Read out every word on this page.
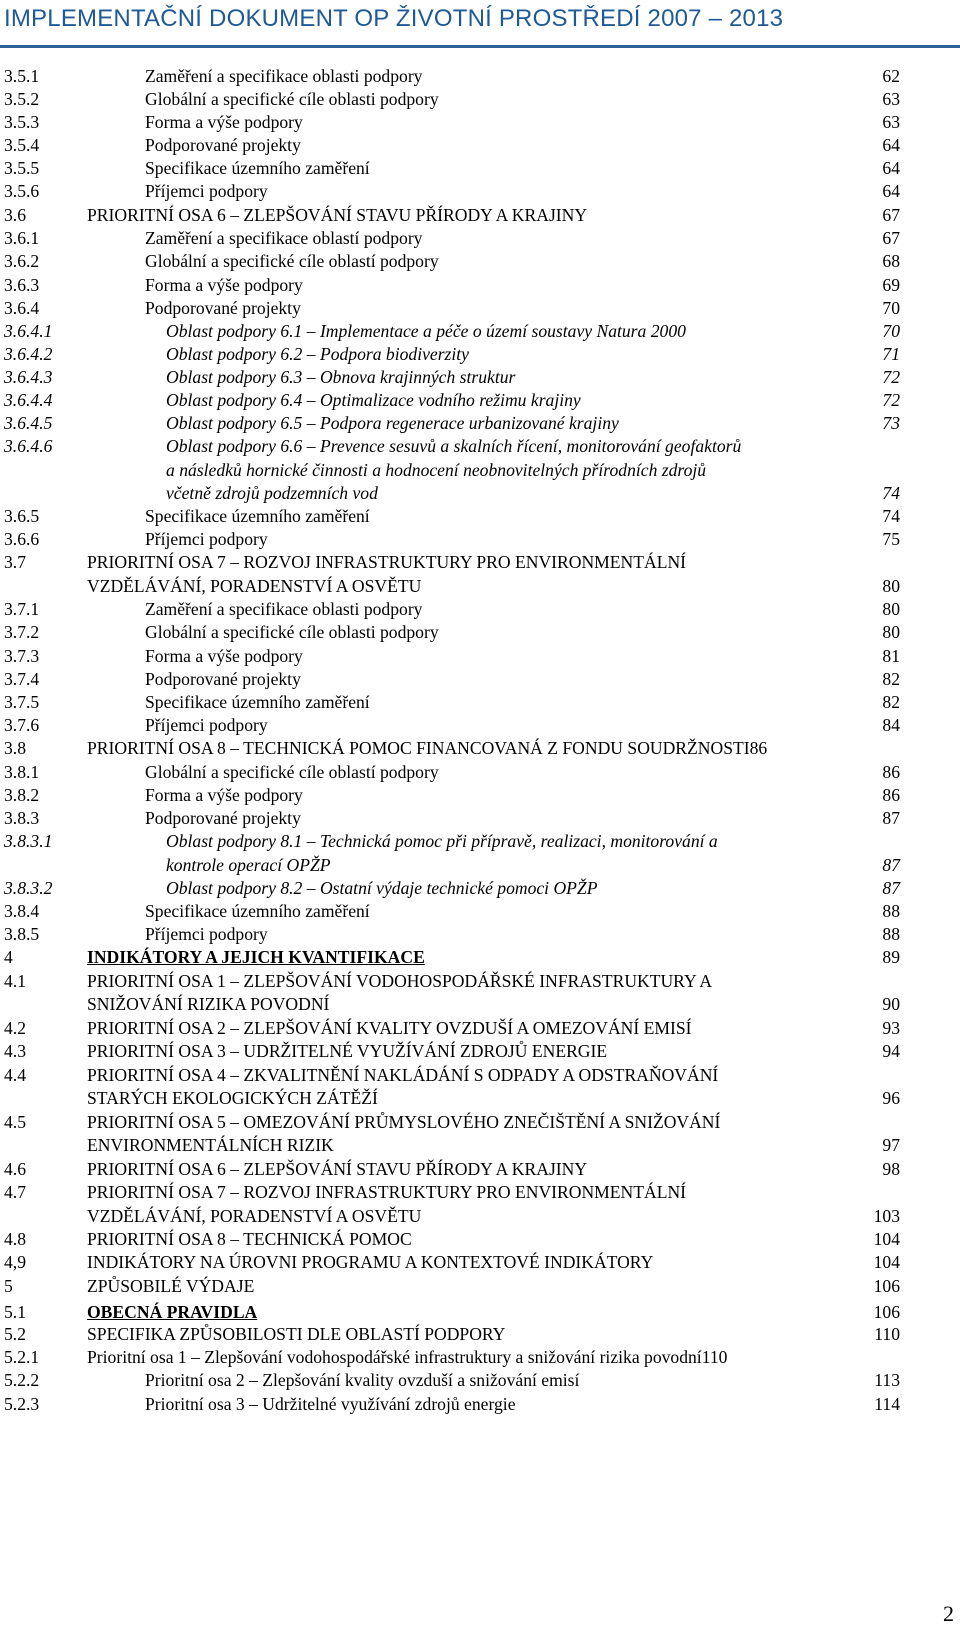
IMPLEMENTAČNÍ DOKUMENT OP ŽIVOTNÍ PROSTŘEDÍ 2007 – 2013
3.5.1	Zaměření a specifikace oblasti podpory	62
3.5.2	Globální a specifické cíle oblasti podpory	63
3.5.3	Forma a výše podpory	63
3.5.4	Podporované projekty	64
3.5.5	Specifikace územního zaměření	64
3.5.6	Příjemci podpory	64
3.6	PRIORITNÍ OSA 6 – ZLEPŠOVÁNÍ STAVU PŘÍRODY A KRAJINY	67
3.6.1	Zaměření a specifikace oblastí podpory	67
3.6.2	Globální a specifické cíle oblastí podpory	68
3.6.3	Forma a výše podpory	69
3.6.4	Podporované projekty	70
3.6.4.1	Oblast podpory 6.1 – Implementace a péče o území soustavy Natura 2000	70
3.6.4.2	Oblast podpory 6.2 – Podpora biodiverzity	71
3.6.4.3	Oblast podpory 6.3 – Obnova krajinných struktur	72
3.6.4.4	Oblast podpory 6.4 – Optimalizace vodního režimu krajiny	72
3.6.4.5	Oblast podpory 6.5 – Podpora regenerace urbanizované krajiny	73
3.6.4.6	Oblast podpory 6.6 – Prevence sesuvů a skalních řícení, monitorování geofaktorů
a následků hornické činnosti a hodnocení neobnovitelných přírodních zdrojů
včetně zdrojů podzemních vod	74
3.6.5	Specifikace územního zaměření	74
3.6.6	Příjemci podpory	75
3.7	PRIORITNÍ OSA 7 – ROZVOJ INFRASTRUKTURY PRO ENVIRONMENTÁLNÍ
VZDĚLÁVÁNÍ, PORADENSTVÍ A OSVĚTU	80
3.7.1	Zaměření a specifikace oblasti podpory	80
3.7.2	Globální a specifické cíle oblasti podpory	80
3.7.3	Forma a výše podpory	81
3.7.4	Podporované projekty	82
3.7.5	Specifikace územního zaměření	82
3.7.6	Příjemci podpory	84
3.8	PRIORITNÍ OSA 8 – TECHNICKÁ POMOC FINANCOVANÁ Z FONDU SOUDRŽNOSTI86
3.8.1	Globální a specifické cíle oblastí podpory	86
3.8.2	Forma a výše podpory	86
3.8.3	Podporované projekty	87
3.8.3.1	Oblast podpory 8.1 – Technická pomoc při přípravě, realizaci, monitorování a
kontrole operací OPŽP	87
3.8.3.2	Oblast podpory 8.2 – Ostatní výdaje technické pomoci OPŽP	87
3.8.4	Specifikace územního zaměření	88
3.8.5	Příjemci podpory	88
4	INDIKÁTORY A JEJICH KVANTIFIKACE	89
4.1	PRIORITNÍ OSA 1 – ZLEPŠOVÁNÍ VODOHOSPODÁŘSKÉ INFRASTRUKTURY A
SNIŽOVÁNÍ RIZIKA POVODNÍ	90
4.2	PRIORITNÍ OSA 2 – ZLEPŠOVÁNÍ KVALITY OVZDUŠÍ A OMEZOVÁNÍ EMISÍ	93
4.3	PRIORITNÍ OSA 3 – UDRŽITELNÉ VYUŽÍVÁNÍ ZDROJŮ ENERGIE	94
4.4	PRIORITNÍ OSA 4 – ZKVALITNĚNÍ NAKLÁDÁNÍ S ODPADY A ODSTRAŇOVÁNÍ
STARÝCH EKOLOGICKÝCH ZÁTĚŽÍ	96
4.5	PRIORITNÍ OSA 5 – OMEZOVÁNÍ PRŮMYSLOVÉHO ZNEČIŠTĚNÍ A SNIŽOVÁNÍ
ENVIRONMENTÁLNÍCH RIZIK	97
4.6	PRIORITNÍ OSA 6 – ZLEPŠOVÁNÍ STAVU PŘÍRODY A KRAJINY	98
4.7	PRIORITNÍ OSA 7 – ROZVOJ INFRASTRUKTURY PRO ENVIRONMENTÁLNÍ
VZDĚLÁVÁNÍ, PORADENSTVÍ A OSVĚTU	103
4.8	PRIORITNÍ OSA 8 – TECHNICKÁ POMOC	104
4,9	INDIKÁTORY NA ÚROVNI PROGRAMU A KONTEXTOVÉ INDIKÁTORY	104
5	ZPŮSOBILÉ VÝDAJE	106
5.1	OBECNÁ PRAVIDLA	106
5.2	SPECIFIKA ZPŮSOBILOSTI DLE OBLASTÍ PODPORY	110
5.2.1	Prioritní osa 1 – Zlepšování vodohospodářské infrastruktury a snižování rizika povodní110
5.2.2	Prioritní osa 2 – Zlepšování kvality ovzduší a snižování emisí	113
5.2.3	Prioritní osa 3 – Udržitelné využívání zdrojů energie	114
2
